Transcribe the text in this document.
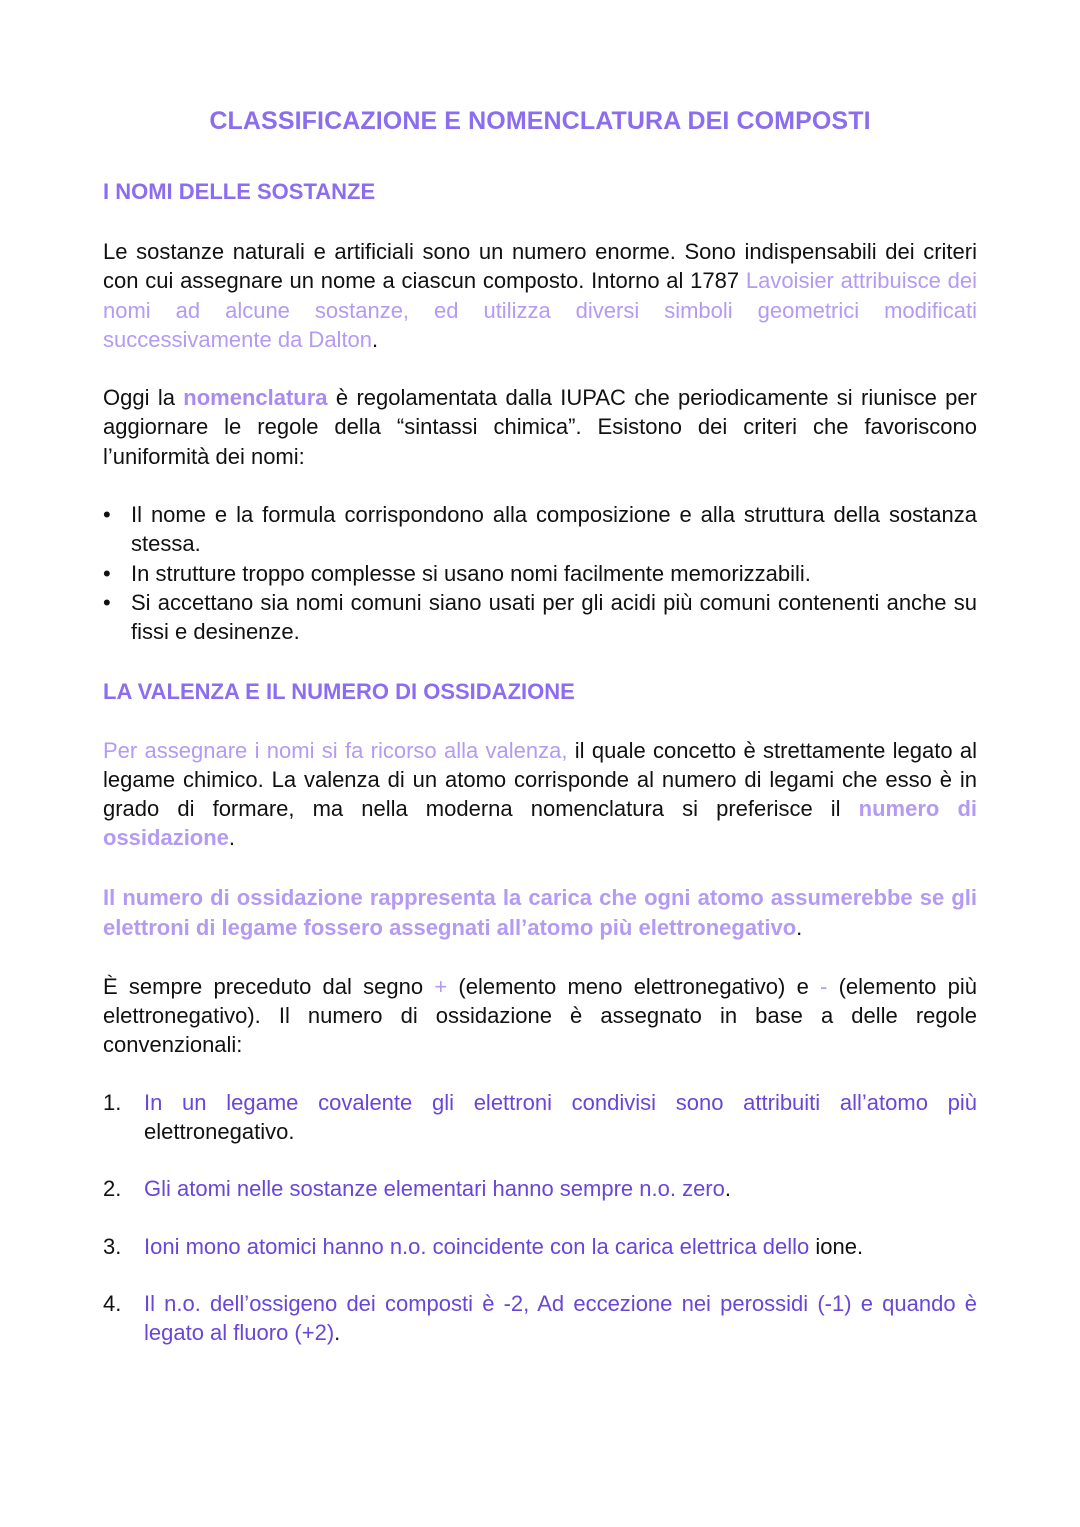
CLASSIFICAZIONE E NOMENCLATURA DEI COMPOSTI
I NOMI DELLE SOSTANZE

Le sostanze naturali e artificiali sono un numero enorme. Sono indispensabili dei criteri con cui assegnare un nome a ciascun composto. Intorno al 1787 Lavoisier attribuisce dei nomi ad alcune sostanze, ed utilizza diversi simboli geometrici modificati successivamente da Dalton.

Oggi la nomenclatura è regolamentata dalla IUPAC che periodicamente si riunisce per aggiornare le regole della “sintassi chimica”. Esistono dei criteri che favoriscono l’uniformità dei nomi:

• Il nome e la formula corrispondono alla composizione e alla struttura della sostanza stessa.
• In strutture troppo complesse si usano nomi facilmente memorizzabili.
• Si accettano sia nomi comuni siano usati per gli acidi più comuni contenenti anche su fissi e desinenze.
LA VALENZA E IL NUMERO DI OSSIDAZIONE

Per assegnare i nomi si fa ricorso alla valenza, il quale concetto è strettamente legato al legame chimico. La valenza di un atomo corrisponde al numero di legami che esso è in grado di formare, ma nella moderna nomenclatura si preferisce il numero di ossidazione.

Il numero di ossidazione rappresenta la carica che ogni atomo assumerebbe se gli elettroni di legame fossero assegnati all’atomo più elettronegativo.

È sempre preceduto dal segno + (elemento meno elettronegativo) e - (elemento più elettronegativo). Il numero di ossidazione è assegnato in base a delle regole convenzionali:

1. In un legame covalente gli elettroni condivisi sono attribuiti all’atomo più elettronegativo.
2. Gli atomi nelle sostanze elementari hanno sempre n.o. zero.
3. Ioni mono atomici hanno n.o. coincidente con la carica elettrica dello ione.
4. Il n.o. dell’ossigeno dei composti è -2, Ad eccezione nei perossidi (-1) e quando è legato al fluoro (+2).
